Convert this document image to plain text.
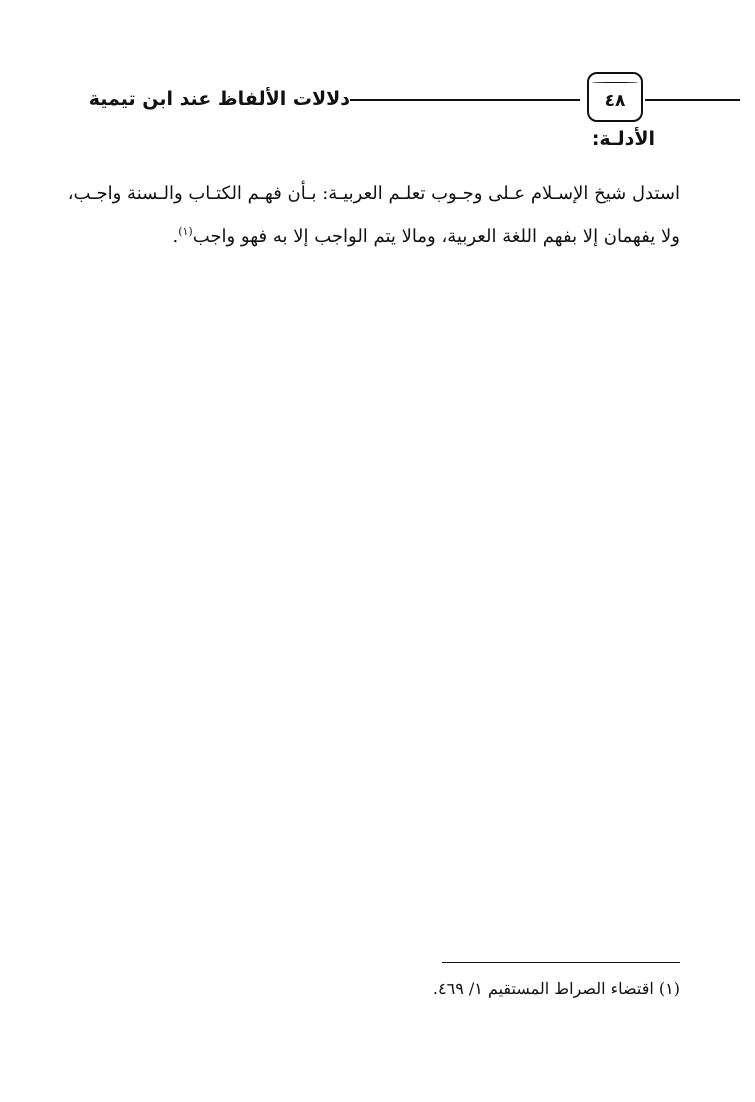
دلالات الألفاظ عند ابن تيمية	٤٨
الأدلـة:
استدل شيخ الإسـلام عـلى وجـوب تعلـم العربيـة: بـأن فهـم الكتـاب والـسنة واجـب،
ولا يفهمان إلا بفهم اللغة العربية، ومالا يتم الواجب إلا به فهو واجب$^{(١)}$.
(١) اقتضاء الصراط المستقيم ١/ ٤٦٩.
